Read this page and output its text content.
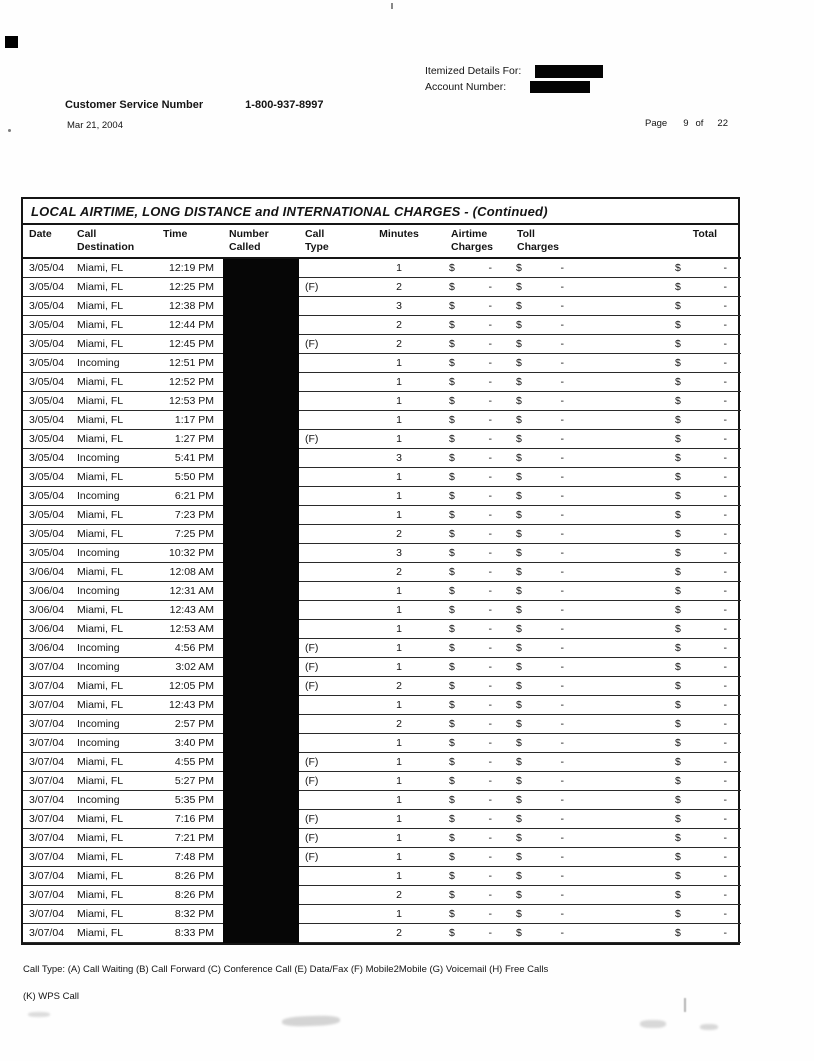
Itemized Details For:
Account Number:
Customer Service Number	1-800-937-8997
Mar 21, 2004	Page 9 of 22
LOCAL AIRTIME, LONG DISTANCE and INTERNATIONAL CHARGES - (Continued)
Date	Call Destination	Time	Number Called	Call Type	Minutes	Airtime Charges	Toll Charges	Total
3/05/04	Miami, FL	12:19 PM			1	$ -	$ -	$ -

3/05/04	Miami, FL	12:25 PM		(F)	2	$ -	$ -	$ -

3/05/04	Miami, FL	12:38 PM			3	$ -	$ -	$ -

3/05/04	Miami, FL	12:44 PM			2	$ -	$ -	$ -

3/05/04	Miami, FL	12:45 PM		(F)	2	$ -	$ -	$ -

3/05/04	Incoming	12:51 PM			1	$ -	$ -	$ -

3/05/04	Miami, FL	12:52 PM			1	$ -	$ -	$ -

3/05/04	Miami, FL	12:53 PM			1	$ -	$ -	$ -

3/05/04	Miami, FL	1:17 PM			1	$ -	$ -	$ -

3/05/04	Miami, FL	1:27 PM		(F)	1	$ -	$ -	$ -

3/05/04	Incoming	5:41 PM			3	$ -	$ -	$ -

3/05/04	Miami, FL	5:50 PM			1	$ -	$ -	$ -

3/05/04	Incoming	6:21 PM			1	$ -	$ -	$ -

3/05/04	Miami, FL	7:23 PM			1	$ -	$ -	$ -

3/05/04	Miami, FL	7:25 PM			2	$ -	$ -	$ -

3/05/04	Incoming	10:32 PM			3	$ -	$ -	$ -

3/06/04	Miami, FL	12:08 AM			2	$ -	$ -	$ -

3/06/04	Incoming	12:31 AM			1	$ -	$ -	$ -

3/06/04	Miami, FL	12:43 AM			1	$ -	$ -	$ -

3/06/04	Miami, FL	12:53 AM			1	$ -	$ -	$ -

3/06/04	Incoming	4:56 PM		(F)	1	$ -	$ -	$ -

3/07/04	Incoming	3:02 AM		(F)	1	$ -	$ -	$ -

3/07/04	Miami, FL	12:05 PM		(F)	2	$ -	$ -	$ -

3/07/04	Miami, FL	12:43 PM			1	$ -	$ -	$ -

3/07/04	Incoming	2:57 PM			2	$ -	$ -	$ -

3/07/04	Incoming	3:40 PM			1	$ -	$ -	$ -

3/07/04	Miami, FL	4:55 PM		(F)	1	$ -	$ -	$ -

3/07/04	Miami, FL	5:27 PM		(F)	1	$ -	$ -	$ -

3/07/04	Incoming	5:35 PM			1	$ -	$ -	$ -

3/07/04	Miami, FL	7:16 PM		(F)	1	$ -	$ -	$ -

3/07/04	Miami, FL	7:21 PM		(F)	1	$ -	$ -	$ -

3/07/04	Miami, FL	7:48 PM		(F)	1	$ -	$ -	$ -

3/07/04	Miami, FL	8:26 PM			1	$ -	$ -	$ -

3/07/04	Miami, FL	8:26 PM			2	$ -	$ -	$ -

3/07/04	Miami, FL	8:32 PM			1	$ -	$ -	$ -

3/07/04	Miami, FL	8:33 PM			2	$ -	$ -	$ -
Call Type: (A) Call Waiting (B) Call Forward (C) Conference Call (E) Data/Fax (F) Mobile2Mobile (G) Voicemail (H) Free Calls
(K) WPS Call
